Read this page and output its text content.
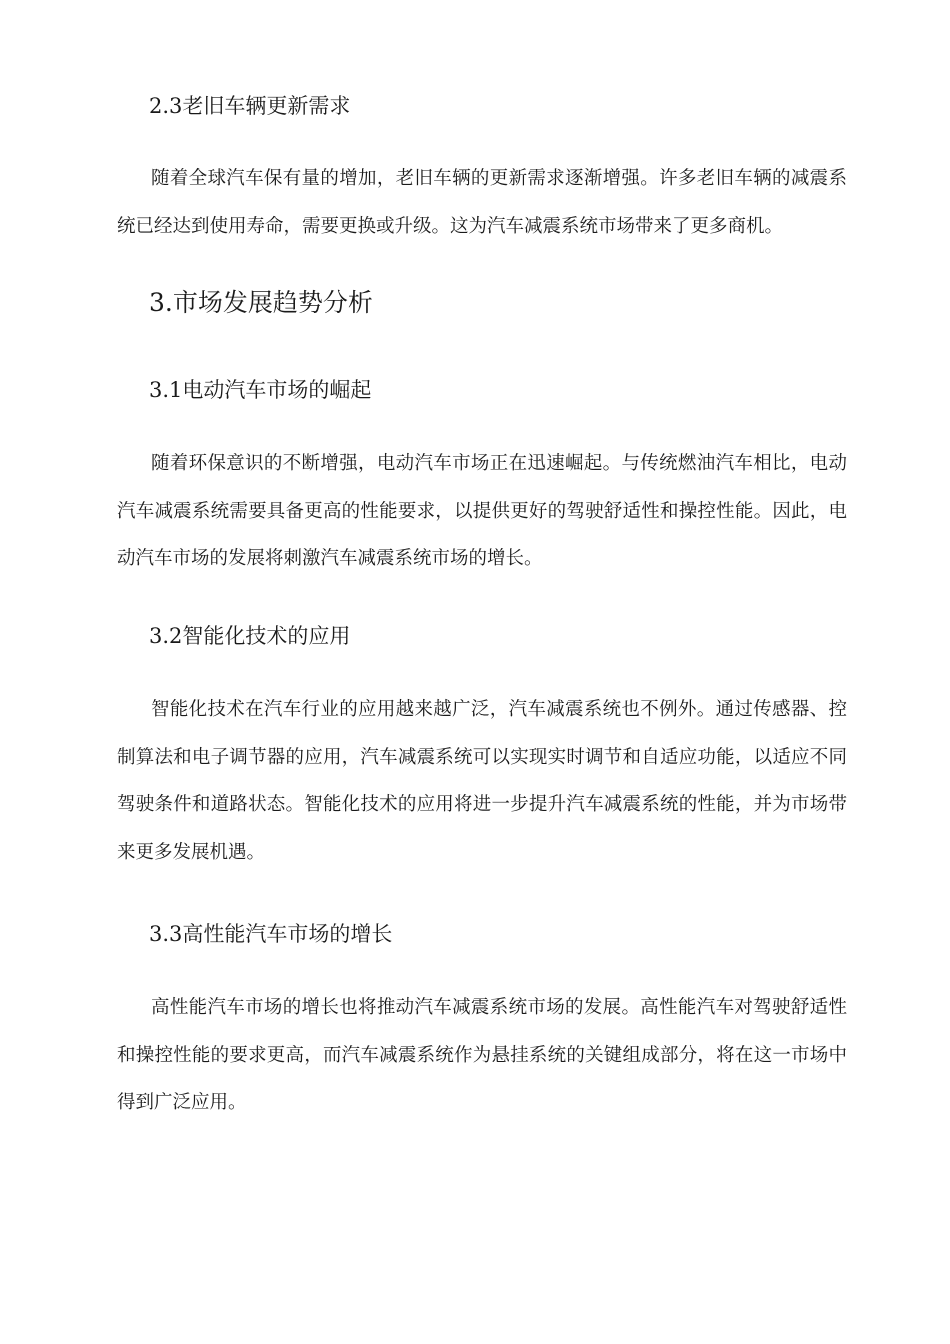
2.3老旧车辆更新需求

随着全球汽车保有量的增加，老旧车辆的更新需求逐渐增强。许多老旧车辆的减震系统已经达到使用寿命，需要更换或升级。这为汽车减震系统市场带来了更多商机。

3.市场发展趋势分析
3.1电动汽车市场的崛起

随着环保意识的不断增强，电动汽车市场正在迅速崛起。与传统燃油汽车相比，电动汽车减震系统需要具备更高的性能要求，以提供更好的驾驶舒适性和操控性能。因此，电动汽车市场的发展将刺激汽车减震系统市场的增长。

3.2智能化技术的应用

智能化技术在汽车行业的应用越来越广泛，汽车减震系统也不例外。通过传感器、控制算法和电子调节器的应用，汽车减震系统可以实现实时调节和自适应功能，以适应不同驾驶条件和道路状态。智能化技术的应用将进一步提升汽车减震系统的性能，并为市场带来更多发展机遇。

3.3高性能汽车市场的增长

高性能汽车市场的增长也将推动汽车减震系统市场的发展。高性能汽车对驾驶舒适性和操控性能的要求更高，而汽车减震系统作为悬挂系统的关键组成部分，将在这一市场中得到广泛应用。
